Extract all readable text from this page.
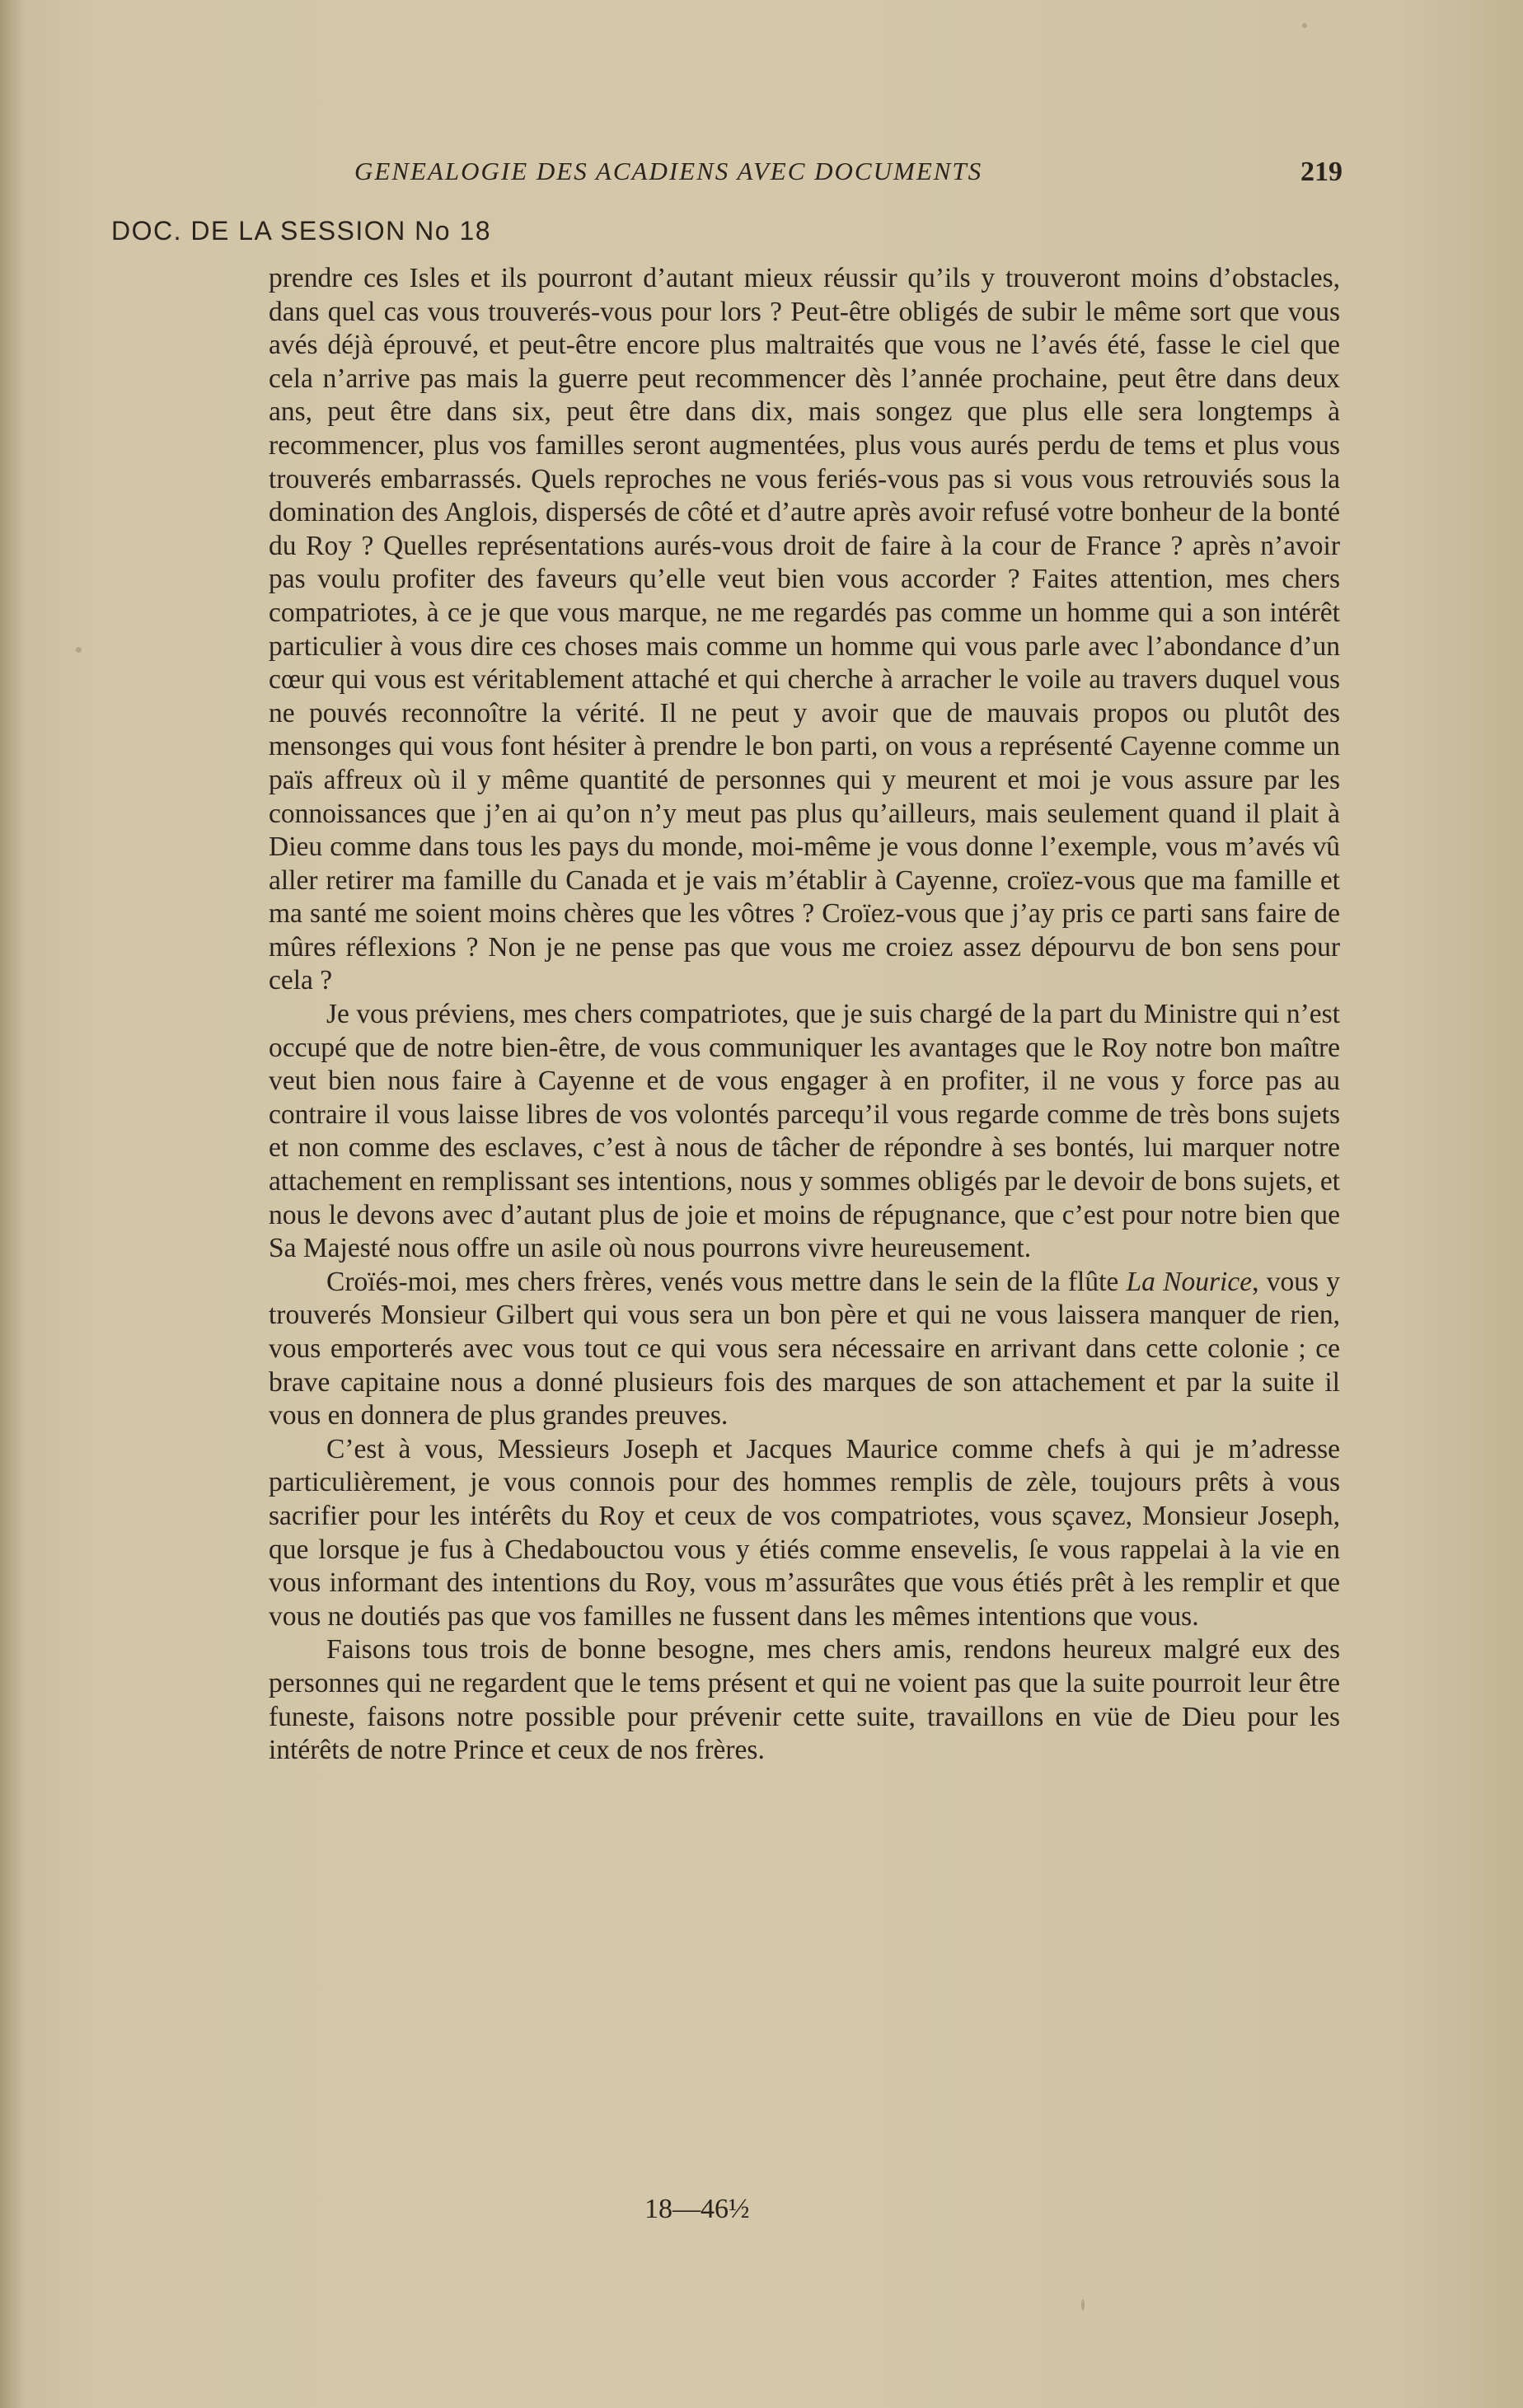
GENEALOGIE DES ACADIENS AVEC DOCUMENTS	219
DOC. DE LA SESSION No 18

prendre ces Isles et ils pourront d’autant mieux réussir qu’ils y trouveront moins d’obstacles, dans quel cas vous trouverés-vous pour lors ? Peut-être obligés de subir le même sort que vous avés déjà éprouvé, et peut-être encore plus maltraités que vous ne l’avés été, fasse le ciel que cela n’arrive pas mais la guerre peut recommencer dès l’année prochaine, peut être dans deux ans, peut être dans six, peut être dans dix, mais songez que plus elle sera longtemps à recommencer, plus vos familles seront augmentées, plus vous aurés perdu de tems et plus vous trouverés embarrassés. Quels reproches ne vous feriés-vous pas si vous vous retrouviés sous la domination des Anglois, dispersés de côté et d’autre après avoir refusé votre bonheur de la bonté du Roy ? Quelles représentations aurés-vous droit de faire à la cour de France ? après n’avoir pas voulu profiter des faveurs qu’elle veut bien vous accorder ? Faites attention, mes chers compatriotes, à ce je que vous marque, ne me regardés pas comme un homme qui a son intérêt particulier à vous dire ces choses mais comme un homme qui vous parle avec l’abondance d’un cœur qui vous est véritablement attaché et qui cherche à arracher le voile au travers duquel vous ne pouvés reconnoître la vérité. Il ne peut y avoir que de mauvais propos ou plutôt des mensonges qui vous font hésiter à prendre le bon parti, on vous a représenté Cayenne comme un païs affreux où il y même quantité de personnes qui y meurent et moi je vous assure par les connoissances que j’en ai qu’on n’y meut pas plus qu’ailleurs, mais seulement quand il plait à Dieu comme dans tous les pays du monde, moi-même je vous donne l’exemple, vous m’avés vû aller retirer ma famille du Canada et je vais m’établir à Cayenne, croïez-vous que ma famille et ma santé me soient moins chères que les vôtres ? Croïez-vous que j’ay pris ce parti sans faire de mûres réflexions ? Non je ne pense pas que vous me croiez assez dépourvu de bon sens pour cela ?

Je vous préviens, mes chers compatriotes, que je suis chargé de la part du Ministre qui n’est occupé que de notre bien-être, de vous communiquer les avantages que le Roy notre bon maître veut bien nous faire à Cayenne et de vous engager à en profiter, il ne vous y force pas au contraire il vous laisse libres de vos volontés parcequ’il vous regarde comme de très bons sujets et non comme des esclaves, c’est à nous de tâcher de répondre à ses bontés, lui marquer notre attachement en remplissant ses intentions, nous y sommes obligés par le devoir de bons sujets, et nous le devons avec d’autant plus de joie et moins de répugnance, que c’est pour notre bien que Sa Majesté nous offre un asile où nous pourrons vivre heureusement.

Croïés-moi, mes chers frères, venés vous mettre dans le sein de la flûte La Nourice, vous y trouverés Monsieur Gilbert qui vous sera un bon père et qui ne vous laissera manquer de rien, vous emporterés avec vous tout ce qui vous sera nécessaire en arrivant dans cette colonie ; ce brave capitaine nous a donné plusieurs fois des marques de son attachement et par la suite il vous en donnera de plus grandes preuves.

C’est à vous, Messieurs Joseph et Jacques Maurice comme chefs à qui je m’adresse particulièrement, je vous connois pour des hommes remplis de zèle, toujours prêts à vous sacrifier pour les intérêts du Roy et ceux de vos compatriotes, vous sçavez, Monsieur Joseph, que lorsque je fus à Chedabouctou vous y étiés comme ensevelis, ſe vous rappelai à la vie en vous informant des intentions du Roy, vous m’assurâtes que vous étiés prêt à les remplir et que vous ne doutiés pas que vos familles ne fussent dans les mêmes intentions que vous.

Faisons tous trois de bonne besogne, mes chers amis, rendons heureux malgré eux des personnes qui ne regardent que le tems présent et qui ne voient pas que la suite pourroit leur être funeste, faisons notre possible pour prévenir cette suite, travaillons en vüe de Dieu pour les intérêts de notre Prince et ceux de nos frères.

18—46½
